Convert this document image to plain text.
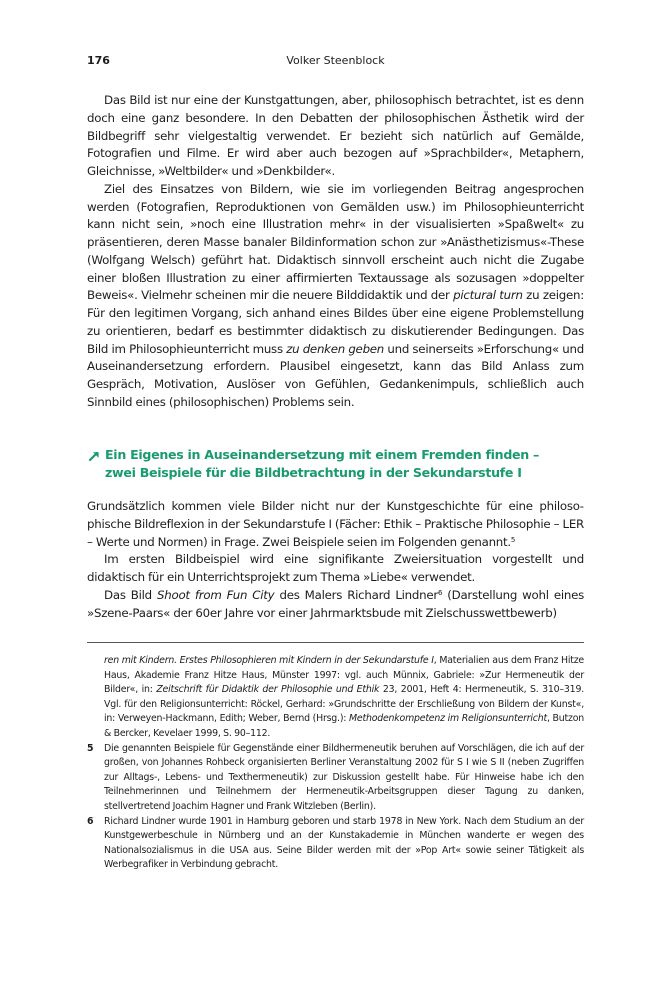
176	Volker Steenblock

Das Bild ist nur eine der Kunstgattungen, aber, philosophisch betrachtet, ist es denn doch eine ganz besondere. In den Debatten der philosophischen Ästhetik wird der Bildbegriff sehr vielgestaltig verwendet. Er bezieht sich natürlich auf Gemälde, Fotografien und Filme. Er wird aber auch bezogen auf »Sprachbilder«, Metaphern, Gleichnisse, »Weltbilder« und »Denkbilder«.

Ziel des Einsatzes von Bildern, wie sie im vorliegenden Beitrag angesprochen werden (Fotografien, Reproduktionen von Gemälden usw.) im Philosophieunterricht kann nicht sein, »noch eine Illustration mehr« in der visualisierten »Spaßwelt« zu präsentieren, deren Masse banaler Bildinformation schon zur »Anästhetizismus«-These (Wolfgang Welsch) geführt hat. Didaktisch sinnvoll erscheint auch nicht die Zugabe einer bloßen Illustration zu einer affirmierten Textaussage als sozusagen »doppelter Beweis«. Vielmehr scheinen mir die neuere Bilddidaktik und der pictural turn zu zeigen: Für den legitimen Vorgang, sich anhand eines Bildes über eine eigene Problemstellung zu orientieren, bedarf es bestimmter didaktisch zu diskutierender Bedingungen. Das Bild im Philosophieunterricht muss zu denken geben und seinerseits »Erforschung« und Auseinandersetzung erfordern. Plausibel eingesetzt, kann das Bild Anlass zum Gespräch, Motivation, Auslöser von Gefühlen, Gedankenimpuls, schließlich auch Sinnbild eines (philosophischen) Problems sein.

Ein Eigenes in Auseinandersetzung mit einem Fremden finden –
zwei Beispiele für die Bildbetrachtung in der Sekundarstufe I

Grundsätzlich kommen viele Bilder nicht nur der Kunstgeschichte für eine philosophische Bildreflexion in der Sekundarstufe I (Fächer: Ethik – Praktische Philosophie – LER – Werte und Normen) in Frage. Zwei Beispiele seien im Folgenden genannt.$^5$

Im ersten Bildbeispiel wird eine signifikante Zweiersituation vorgestellt und didaktisch für ein Unterrichtsprojekt zum Thema »Liebe« verwendet.

Das Bild Shoot from Fun City des Malers Richard Lindner$^6$ (Darstellung wohl eines »Szene-Paars« der 60er Jahre vor einer Jahrmarktsbude mit Zielschusswettbewerb)

ren mit Kindern. Erstes Philosophieren mit Kindern in der Sekundarstufe I, Materialien aus dem Franz Hitze Haus, Akademie Franz Hitze Haus, Münster 1997: vgl. auch Münnix, Gabriele: »Zur Hermeneutik der Bilder«, in: Zeitschrift für Didaktik der Philosophie und Ethik 23, 2001, Heft 4: Hermeneutik, S. 310–319. Vgl. für den Religionsunterricht: Röckel, Gerhard: »Grundschritte der Erschließung von Bildern der Kunst«, in: Verweyen-Hackmann, Edith; Weber, Bernd (Hrsg.): Methodenkompetenz im Religionsunterricht, Butzon & Bercker, Kevelaer 1999, S. 90–112.
5 Die genannten Beispiele für Gegenstände einer Bildhermeneutik beruhen auf Vorschlägen, die ich auf der großen, von Johannes Rohbeck organisierten Berliner Veranstaltung 2002 für S I wie S II (neben Zugriffen zur Alltags-, Lebens- und Texthermeneutik) zur Diskussion gestellt habe. Für Hinweise habe ich den Teilnehmerinnen und Teilnehmern der Hermeneutik-Arbeitsgruppen dieser Tagung zu danken, stellvertretend Joachim Hagner und Frank Witzleben (Berlin).
6 Richard Lindner wurde 1901 in Hamburg geboren und starb 1978 in New York. Nach dem Studium an der Kunstgewerbeschule in Nürnberg und an der Kunstakademie in München wanderte er wegen des Nationalsozialismus in die USA aus. Seine Bilder werden mit der »Pop Art« sowie seiner Tätigkeit als Werbegrafiker in Verbindung gebracht.
